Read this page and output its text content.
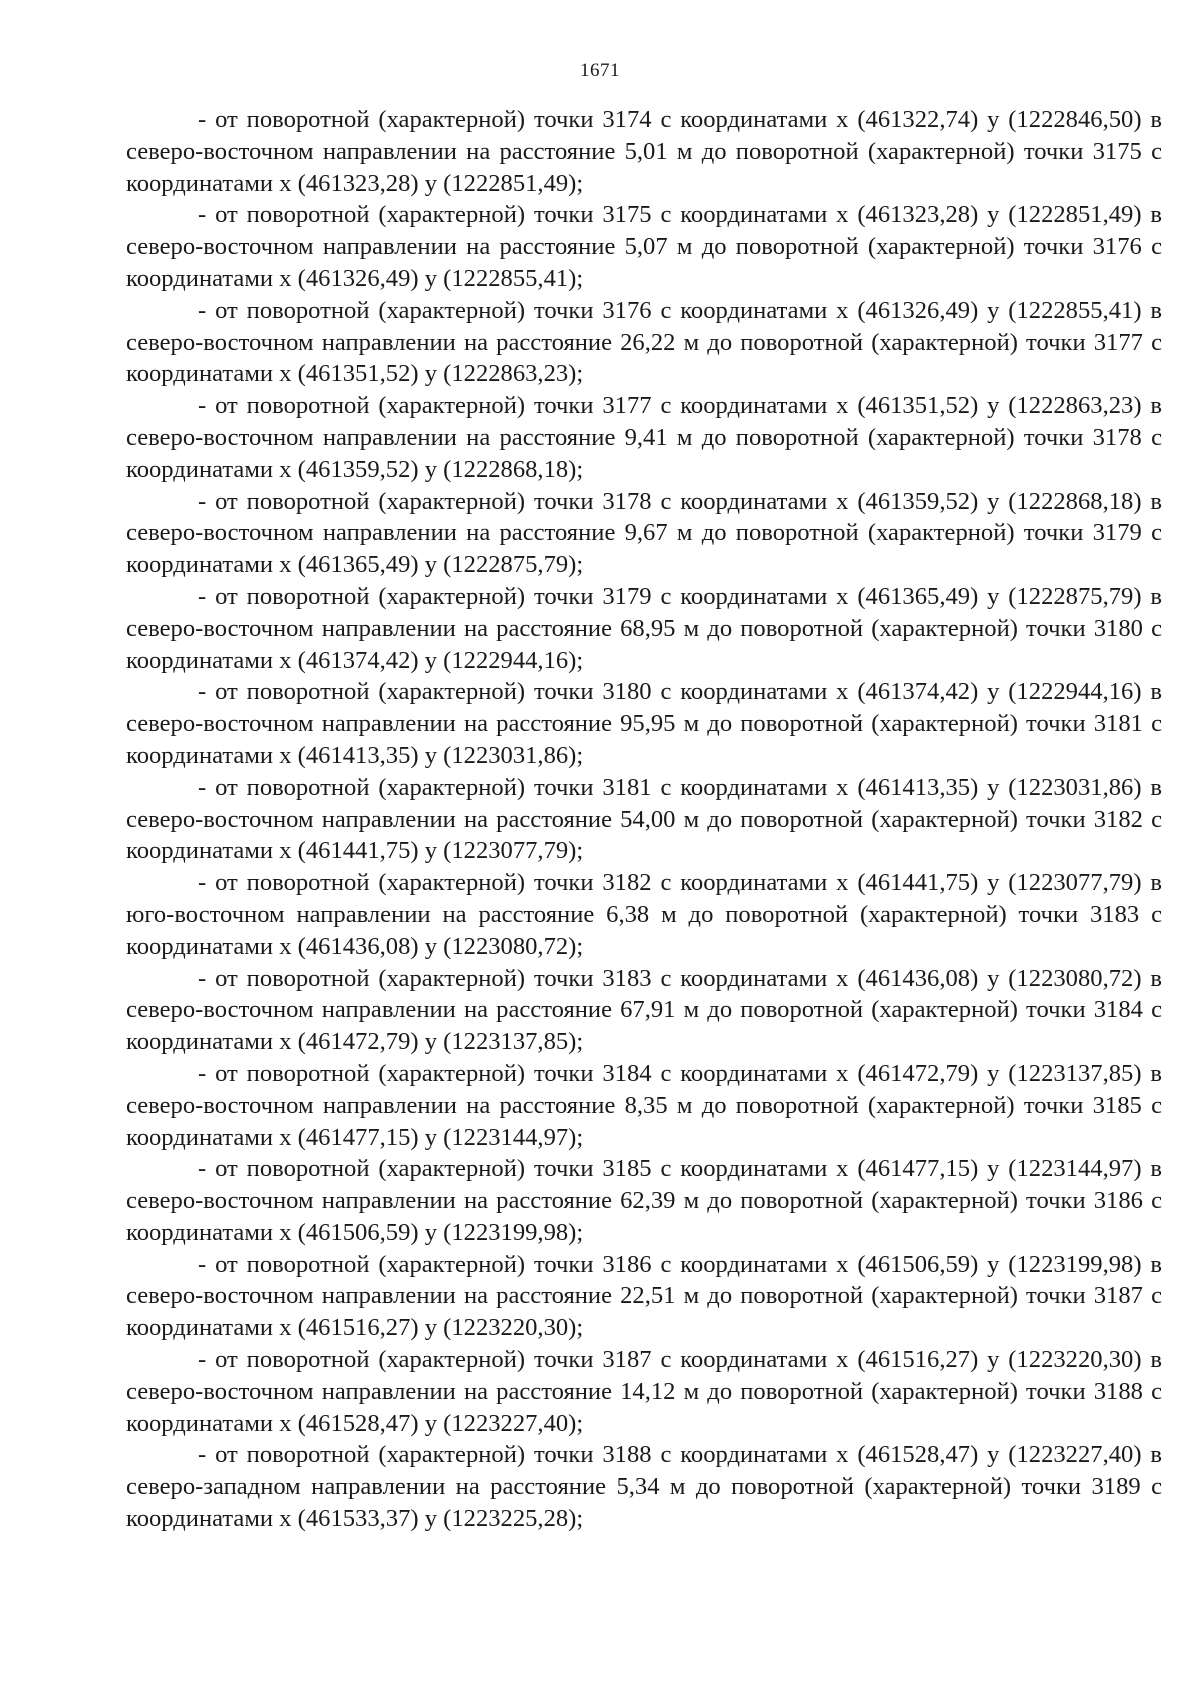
1671

- от поворотной (характерной) точки 3174 с координатами х (461322,74) у (1222846,50) в северо-восточном направлении на расстояние 5,01 м до поворотной (характерной) точки 3175 с координатами х (461323,28) у (1222851,49);

- от поворотной (характерной) точки 3175 с координатами х (461323,28) у (1222851,49) в северо-восточном направлении на расстояние 5,07 м до поворотной (характерной) точки 3176 с координатами х (461326,49) у (1222855,41);

- от поворотной (характерной) точки 3176 с координатами х (461326,49) у (1222855,41) в северо-восточном направлении на расстояние 26,22 м до поворотной (характерной) точки 3177 с координатами х (461351,52) у (1222863,23);

- от поворотной (характерной) точки 3177 с координатами х (461351,52) у (1222863,23) в северо-восточном направлении на расстояние 9,41 м до поворотной (характерной) точки 3178 с координатами х (461359,52) у (1222868,18);

- от поворотной (характерной) точки 3178 с координатами х (461359,52) у (1222868,18) в северо-восточном направлении на расстояние 9,67 м до поворотной (характерной) точки 3179 с координатами х (461365,49) у (1222875,79);

- от поворотной (характерной) точки 3179 с координатами х (461365,49) у (1222875,79) в северо-восточном направлении на расстояние 68,95 м до поворотной (характерной) точки 3180 с координатами х (461374,42) у (1222944,16);

- от поворотной (характерной) точки 3180 с координатами х (461374,42) у (1222944,16) в северо-восточном направлении на расстояние 95,95 м до поворотной (характерной) точки 3181 с координатами х (461413,35) у (1223031,86);

- от поворотной (характерной) точки 3181 с координатами х (461413,35) у (1223031,86) в северо-восточном направлении на расстояние 54,00 м до поворотной (характерной) точки 3182 с координатами х (461441,75) у (1223077,79);

- от поворотной (характерной) точки 3182 с координатами х (461441,75) у (1223077,79) в юго-восточном направлении на расстояние 6,38 м до поворотной (характерной) точки 3183 с координатами х (461436,08) у (1223080,72);

- от поворотной (характерной) точки 3183 с координатами х (461436,08) у (1223080,72) в северо-восточном направлении на расстояние 67,91 м до поворотной (характерной) точки 3184 с координатами х (461472,79) у (1223137,85);

- от поворотной (характерной) точки 3184 с координатами х (461472,79) у (1223137,85) в северо-восточном направлении на расстояние 8,35 м до поворотной (характерной) точки 3185 с координатами х (461477,15) у (1223144,97);

- от поворотной (характерной) точки 3185 с координатами х (461477,15) у (1223144,97) в северо-восточном направлении на расстояние 62,39 м до поворотной (характерной) точки 3186 с координатами х (461506,59) у (1223199,98);

- от поворотной (характерной) точки 3186 с координатами х (461506,59) у (1223199,98) в северо-восточном направлении на расстояние 22,51 м до поворотной (характерной) точки 3187 с координатами х (461516,27) у (1223220,30);

- от поворотной (характерной) точки 3187 с координатами х (461516,27) у (1223220,30) в северо-восточном направлении на расстояние 14,12 м до поворотной (характерной) точки 3188 с координатами х (461528,47) у (1223227,40);

- от поворотной (характерной) точки 3188 с координатами х (461528,47) у (1223227,40) в северо-западном направлении на расстояние 5,34 м до поворотной (характерной) точки 3189 с координатами х (461533,37) у (1223225,28);
